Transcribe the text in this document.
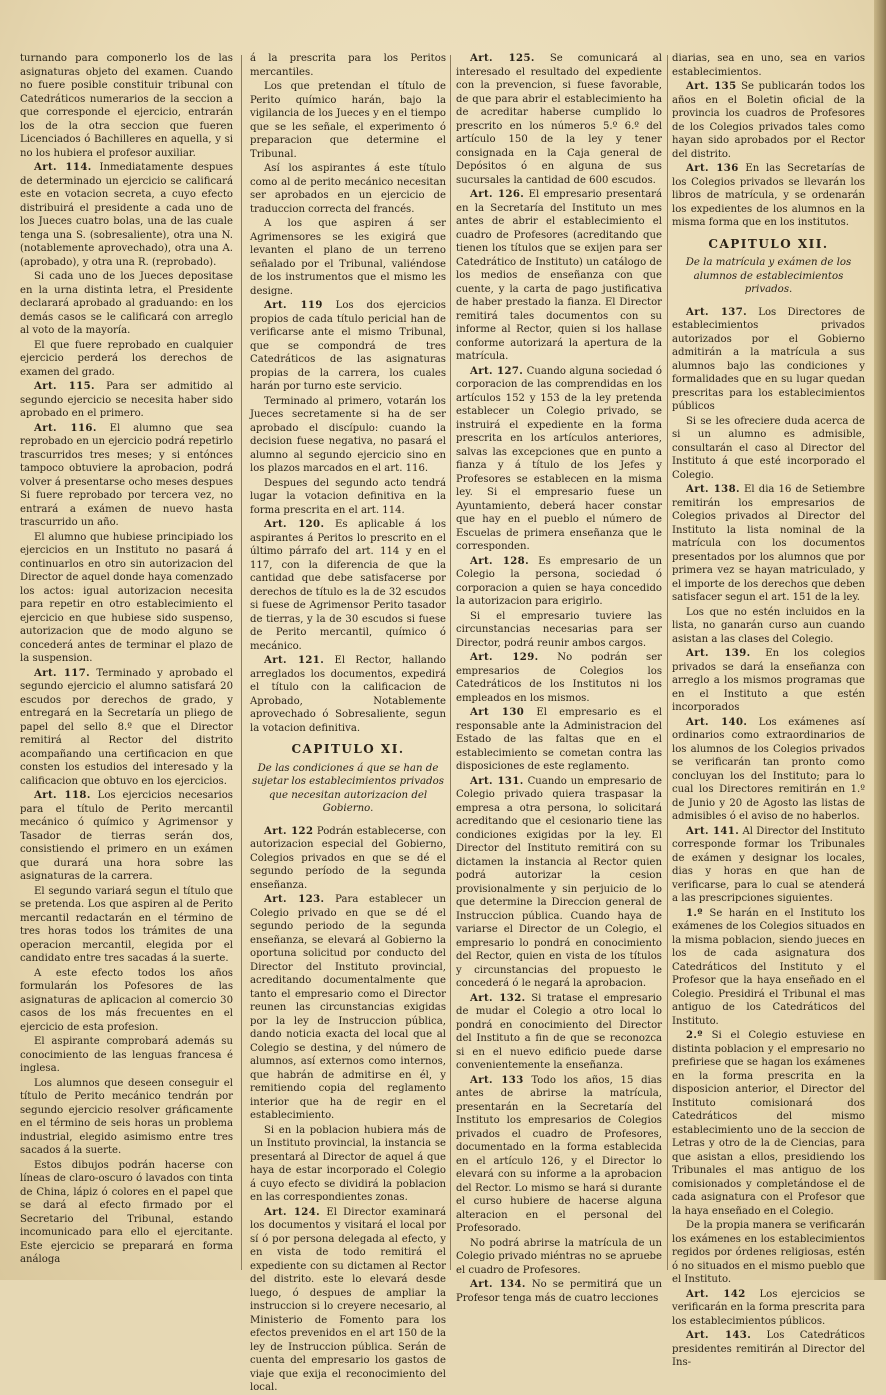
turnando para componerlo los de las asignaturas objeto del examen. Cuando no fuere posible constituir tribunal con Catedráticos numerarios de la seccion a que corresponde el ejercicio, entrarán los de la otra seccion que fueren Licenciados ó Bachilleres en aquella, y si no los hubiera el profesor auxiliar.

Art. 114. Inmediatamente despues de determinado un ejercicio se calificará este en votacion secreta, a cuyo efecto distribuirá el presidente a cada uno de los Jueces cuatro bolas, una de las cuale tenga una S. (sobresaliente), otra una N. (notablemente aprovechado), otra una A. (aprobado), y otra una R. (reprobado).

Si cada uno de los Jueces depositase en la urna distinta letra, el Presidente declarará aprobado al graduando: en los demás casos se le calificará con arreglo al voto de la mayoría.

El que fuere reprobado en cualquier ejercicio perderá los derechos de examen del grado.

Art. 115. Para ser admitido al segundo ejercicio se necesita haber sido aprobado en el primero.

Art. 116. El alumno que sea reprobado en un ejercicio podrá repetirlo trascurridos tres meses; y si entónces tampoco obtuviere la aprobacion, podrá volver á presentarse ocho meses despues Si fuere reprobado por tercera vez, no entrará a exámen de nuevo hasta trascurrido un año.

El alumno que hubiese principiado los ejercicios en un Instituto no pasará á continuarlos en otro sin autorizacion del Director de aquel donde haya comenzado los actos: igual autorizacion necesita para repetir en otro establecimiento el ejercicio en que hubiese sido suspenso, autorizacion que de modo alguno se concederá antes de terminar el plazo de la suspension.

Art. 117. Terminado y aprobado el segundo ejercicio el alumno satisfará 20 escudos por derechos de grado, y entregará en la Secretaría un pliego de papel del sello 8.º que el Director remitirá al Rector del distrito acompañando una certificacion en que consten los estudios del interesado y la calificacion que obtuvo en los ejercicios.

Art. 118. Los ejercicios necesarios para el título de Perito mercantil mecánico ó químico y Agrimensor y Tasador de tierras serán dos, consistiendo el primero en un exámen que durará una hora sobre las asignaturas de la carrera.

El segundo variará segun el título que se pretenda. Los que aspiren al de Perito mercantil redactarán en el término de tres horas todos los trámites de una operacion mercantil, elegida por el candidato entre tres sacadas á la suerte.

A este efecto todos los años formularán los Pofesores de las asignaturas de aplicacion al comercio 30 casos de los más frecuentes en el ejercicio de esta profesion.

El aspirante comprobará además su conocimiento de las lenguas francesa é inglesa.

Los alumnos que deseen conseguir el título de Perito mecánico tendrán por segundo ejercicio resolver gráficamente en el término de seis horas un problema industrial, elegido asimismo entre tres sacados á la suerte.

Estos dibujos podrán hacerse con líneas de claro-oscuro ó lavados con tinta de China, lápiz ó colores en el papel que se dará al efecto firmado por el Secretario del Tribunal, estando incomunicado para ello el ejercitante. Este ejercicio se preparará en forma análoga

á la prescrita para los Peritos mercantiles.

Los que pretendan el título de Perito químico harán, bajo la vigilancia de los Jueces y en el tiempo que se les señale, el experimento ó preparacion que determine el Tribunal.

Así los aspirantes á este título como al de perito mecánico necesitan ser aprobados en un ejercicio de traduccion correcta del francés.

A los que aspiren á ser Agrimensores se les exigirá que levanten el plano de un terreno señalado por el Tribunal, valiéndose de los instrumentos que el mismo les designe.

Art. 119 Los dos ejercicios propios de cada título pericial han de verificarse ante el mismo Tribunal, que se compondrá de tres Catedráticos de las asignaturas propias de la carrera, los cuales harán por turno este servicio.

Terminado al primero, votarán los Jueces secretamente si ha de ser aprobado el discípulo: cuando la decision fuese negativa, no pasará el alumno al segundo ejercicio sino en los plazos marcados en el art. 116.

Despues del segundo acto tendrá lugar la votacion definitiva en la forma prescrita en el art. 114.

Art. 120. Es aplicable á los aspirantes á Peritos lo prescrito en el último párrafo del art. 114 y en el 117, con la diferencia de que la cantidad que debe satisfacerse por derechos de título es la de 32 escudos si fuese de Agrimensor Perito tasador de tierras, y la de 30 escudos si fuese de Perito mercantil, químico ó mecánico.

Art. 121. El Rector, hallando arreglados los documentos, expedirá el título con la calificacion de Aprobado, Notablemente aprovechado ó Sobresaliente, segun la votacion definitiva.

CAPITULO XI.
De las condiciones á que se han de sujetar los establecimientos privados que necesitan autorizacion del Gobierno.

Art. 122 Podrán establecerse, con autorizacion especial del Gobierno, Colegios privados en que se dé el segundo período de la segunda enseñanza.

Art. 123. Para establecer un Colegio privado en que se dé el segundo periodo de la segunda enseñanza, se elevará al Gobierno la oportuna solicitud por conducto del Director del Instituto provincial, acreditando documentalmente que tanto el empresario como el Director reunen las circunstancias exigidas por la ley de Instruccion pública, dando noticia exacta del local que al Colegio se destina, y del número de alumnos, así externos como internos, que habrán de admitirse en él, y remitiendo copia del reglamento interior que ha de regir en el establecimiento.

Si en la poblacion hubiera más de un Instituto provincial, la instancia se presentará al Director de aquel á que haya de estar incorporado el Colegio á cuyo efecto se dividirá la poblacion en las correspondientes zonas.

Art. 124. El Director examinará los documentos y visitará el local por sí ó por persona delegada al efecto, y en vista de todo remitirá el expediente con su dictamen al Rector del distrito. este lo elevará desde luego, ó despues de ampliar la instruccion si lo creyere necesario, al Ministerio de Fomento para los efectos prevenidos en el art 150 de la ley de Instruccion pública. Serán de cuenta del empresario los gastos de viaje que exija el reconocimiento del local.

Art. 125. Se comunicará al interesado el resultado del expediente con la prevencion, si fuese favorable, de que para abrir el establecimiento ha de acreditar haberse cumplido lo prescrito en los números 5.º 6.º del artículo 150 de la ley y tener consignada en la Caja general de Depósitos ó en alguna de sus sucursales la cantidad de 600 escudos.

Art. 126. El empresario presentará en la Secretaría del Instituto un mes antes de abrir el establecimiento el cuadro de Profesores (acreditando que tienen los títulos que se exijen para ser Catedrático de Instituto) un catálogo de los medios de enseñanza con que cuente, y la carta de pago justificativa de haber prestado la fianza. El Director remitirá tales documentos con su informe al Rector, quien si los hallase conforme autorizará la apertura de la matrícula.

Art. 127. Cuando alguna sociedad ó corporacion de las comprendidas en los artículos 152 y 153 de la ley pretenda establecer un Colegio privado, se instruirá el expediente en la forma prescrita en los artículos anteriores, salvas las excepciones que en punto a fianza y á título de los Jefes y Profesores se establecen en la misma ley. Si el empresario fuese un Ayuntamiento, deberá hacer constar que hay en el pueblo el número de Escuelas de primera enseñanza que le corresponden.

Art. 128. Es empresario de un Colegio la persona, sociedad ó corporacion a quien se haya concedido la autorizacion para erigirlo.

Si el empresario tuviere las circunstancias necesarias para ser Director, podrá reunir ambos cargos.

Art. 129. No podrán ser empresarios de Colegios los Catedráticos de los Institutos ni los empleados en los mismos.

Art 130 El empresario es el responsable ante la Administracion del Estado de las faltas que en el establecimiento se cometan contra las disposiciones de este reglamento.

Art. 131. Cuando un empresario de Colegio privado quiera traspasar la empresa a otra persona, lo solicitará acreditando que el cesionario tiene las condiciones exigidas por la ley. El Director del Instituto remitirá con su dictamen la instancia al Rector quien podrá autorizar la cesion provisionalmente y sin perjuicio de lo que determine la Direccion general de Instruccion pública. Cuando haya de variarse el Director de un Colegio, el empresario lo pondrá en conocimiento del Rector, quien en vista de los títulos y circunstancias del propuesto le concederá ó le negará la aprobacion.

Art. 132. Si tratase el empresario de mudar el Colegio a otro local lo pondrá en conocimiento del Director del Instituto a fin de que se reconozca si en el nuevo edificio puede darse convenientemente la enseñanza.

Art. 133 Todo los años, 15 dias antes de abrirse la matrícula, presentarán en la Secretaría del Instituto los empresarios de Colegios privados el cuadro de Profesores, documentado en la forma establecida en el artículo 126, y el Director lo elevará con su informe a la aprobacion del Rector. Lo mismo se hará si durante el curso hubiere de hacerse alguna alteracion en el personal del Profesorado.

No podrá abrirse la matrícula de un Colegio privado miéntras no se apruebe el cuadro de Profesores.

Art. 134. No se permitirá que un Profesor tenga más de cuatro lecciones

diarias, sea en uno, sea en varios establecimientos.

Art. 135 Se publicarán todos los años en el Boletin oficial de la provincia los cuadros de Profesores de los Colegios privados tales como hayan sido aprobados por el Rector del distrito.

Art. 136 En las Secretarías de los Colegios privados se llevarán los libros de matrícula, y se ordenarán los expedientes de los alumnos en la misma forma que en los institutos.

CAPITULO XII.
De la matrícula y exámen de los alumnos de establecimientos privados.

Art. 137. Los Directores de establecimientos privados autorizados por el Gobierno admitirán a la matrícula a sus alumnos bajo las condiciones y formalidades que en su lugar quedan prescritas para los establecimientos públicos

Si se les ofreciere duda acerca de si un alumno es admisible, consultarán el caso al Director del Instituto á que esté incorporado el Colegio.

Art. 138. El dia 16 de Setiembre remitirán los empresarios de Colegios privados al Director del Instituto la lista nominal de la matrícula con los documentos presentados por los alumnos que por primera vez se hayan matriculado, y el importe de los derechos que deben satisfacer segun el art. 151 de la ley.

Los que no estén incluidos en la lista, no ganarán curso aun cuando asistan a las clases del Colegio.

Art. 139. En los colegios privados se dará la enseñanza con arreglo a los mismos programas que en el Instituto a que estén incorporados

Art. 140. Los exámenes así ordinarios como extraordinarios de los alumnos de los Colegios privados se verificarán tan pronto como concluyan los del Instituto; para lo cual los Directores remitirán en 1.º de Junio y 20 de Agosto las listas de admisibles ó el aviso de no haberlos.

Art. 141. Al Director del Instituto corresponde formar los Tribunales de exámen y designar los locales, dias y horas en que han de verificarse, para lo cual se atenderá a las prescripciones siguientes.

1.º Se harán en el Instituto los exámenes de los Colegios situados en la misma poblacion, siendo jueces en los de cada asignatura dos Catedráticos del Instituto y el Profesor que la haya enseñado en el Colegio. Presidirá el Tribunal el mas antiguo de los Catedráticos del Instituto.

2.º Si el Colegio estuviese en distinta poblacion y el empresario no prefiriese que se hagan los exámenes en la forma prescrita en la disposicion anterior, el Director del Instituto comisionará dos Catedráticos del mismo establecimiento uno de la seccion de Letras y otro de la de Ciencias, para que asistan a ellos, presidiendo los Tribunales el mas antiguo de los comisionados y completándose el de cada asignatura con el Profesor que la haya enseñado en el Colegio.

De la propia manera se verificarán los exámenes en los establecimientos regidos por órdenes religiosas, estén ó no situados en el mismo pueblo que el Instituto.

Art. 142 Los ejercicios se verificarán en la forma prescrita para los establecimientos públicos.

Art. 143. Los Catedráticos presidentes remitirán al Director del Ins-
